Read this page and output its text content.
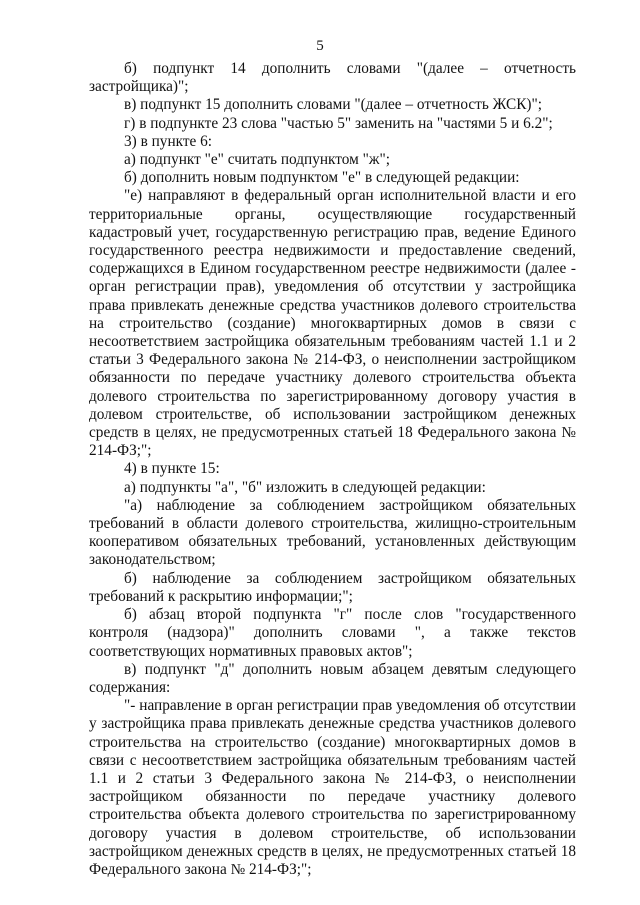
5

б) подпункт 14 дополнить словами "(далее – отчетность застройщика)";

в) подпункт 15 дополнить словами "(далее – отчетность ЖСК)";

г) в подпункте 23 слова "частью 5" заменить на "частями 5 и 6.2";

3) в пункте 6:

а) подпункт "е" считать подпунктом "ж";

б) дополнить новым подпунктом "е" в следующей редакции:

"е) направляют в федеральный орган исполнительной власти и его территориальные органы, осуществляющие государственный кадастровый учет, государственную регистрацию прав, ведение Единого государственного реестра недвижимости и предоставление сведений, содержащихся в Едином государственном реестре недвижимости (далее - орган регистрации прав), уведомления об отсутствии у застройщика права привлекать денежные средства участников долевого строительства на строительство (создание) многоквартирных домов в связи с несоответствием застройщика обязательным требованиям частей 1.1 и 2 статьи 3 Федерального закона № 214-ФЗ, о неисполнении застройщиком обязанности по передаче участнику долевого строительства объекта долевого строительства по зарегистрированному договору участия в долевом строительстве, об использовании застройщиком денежных средств в целях, не предусмотренных статьей 18 Федерального закона № 214-ФЗ;";

4) в пункте 15:

а) подпункты "а", "б" изложить в следующей редакции:

"а) наблюдение за соблюдением застройщиком обязательных требований в области долевого строительства, жилищно-строительным кооперативом обязательных требований, установленных действующим законодательством;

б) наблюдение за соблюдением застройщиком обязательных требований к раскрытию информации;";

б) абзац второй подпункта "г" после слов "государственного контроля (надзора)" дополнить словами ", а также текстов соответствующих нормативных правовых актов";

в) подпункт "д" дополнить новым абзацем девятым следующего содержания:

"- направление в орган регистрации прав уведомления об отсутствии у застройщика права привлекать денежные средства участников долевого строительства на строительство (создание) многоквартирных домов в связи с несоответствием застройщика обязательным требованиям частей 1.1 и 2 статьи 3 Федерального закона № 214-ФЗ, о неисполнении застройщиком обязанности по передаче участнику долевого строительства объекта долевого строительства по зарегистрированному договору участия в долевом строительстве, об использовании застройщиком денежных средств в целях, не предусмотренных статьей 18 Федерального закона № 214-ФЗ;";
